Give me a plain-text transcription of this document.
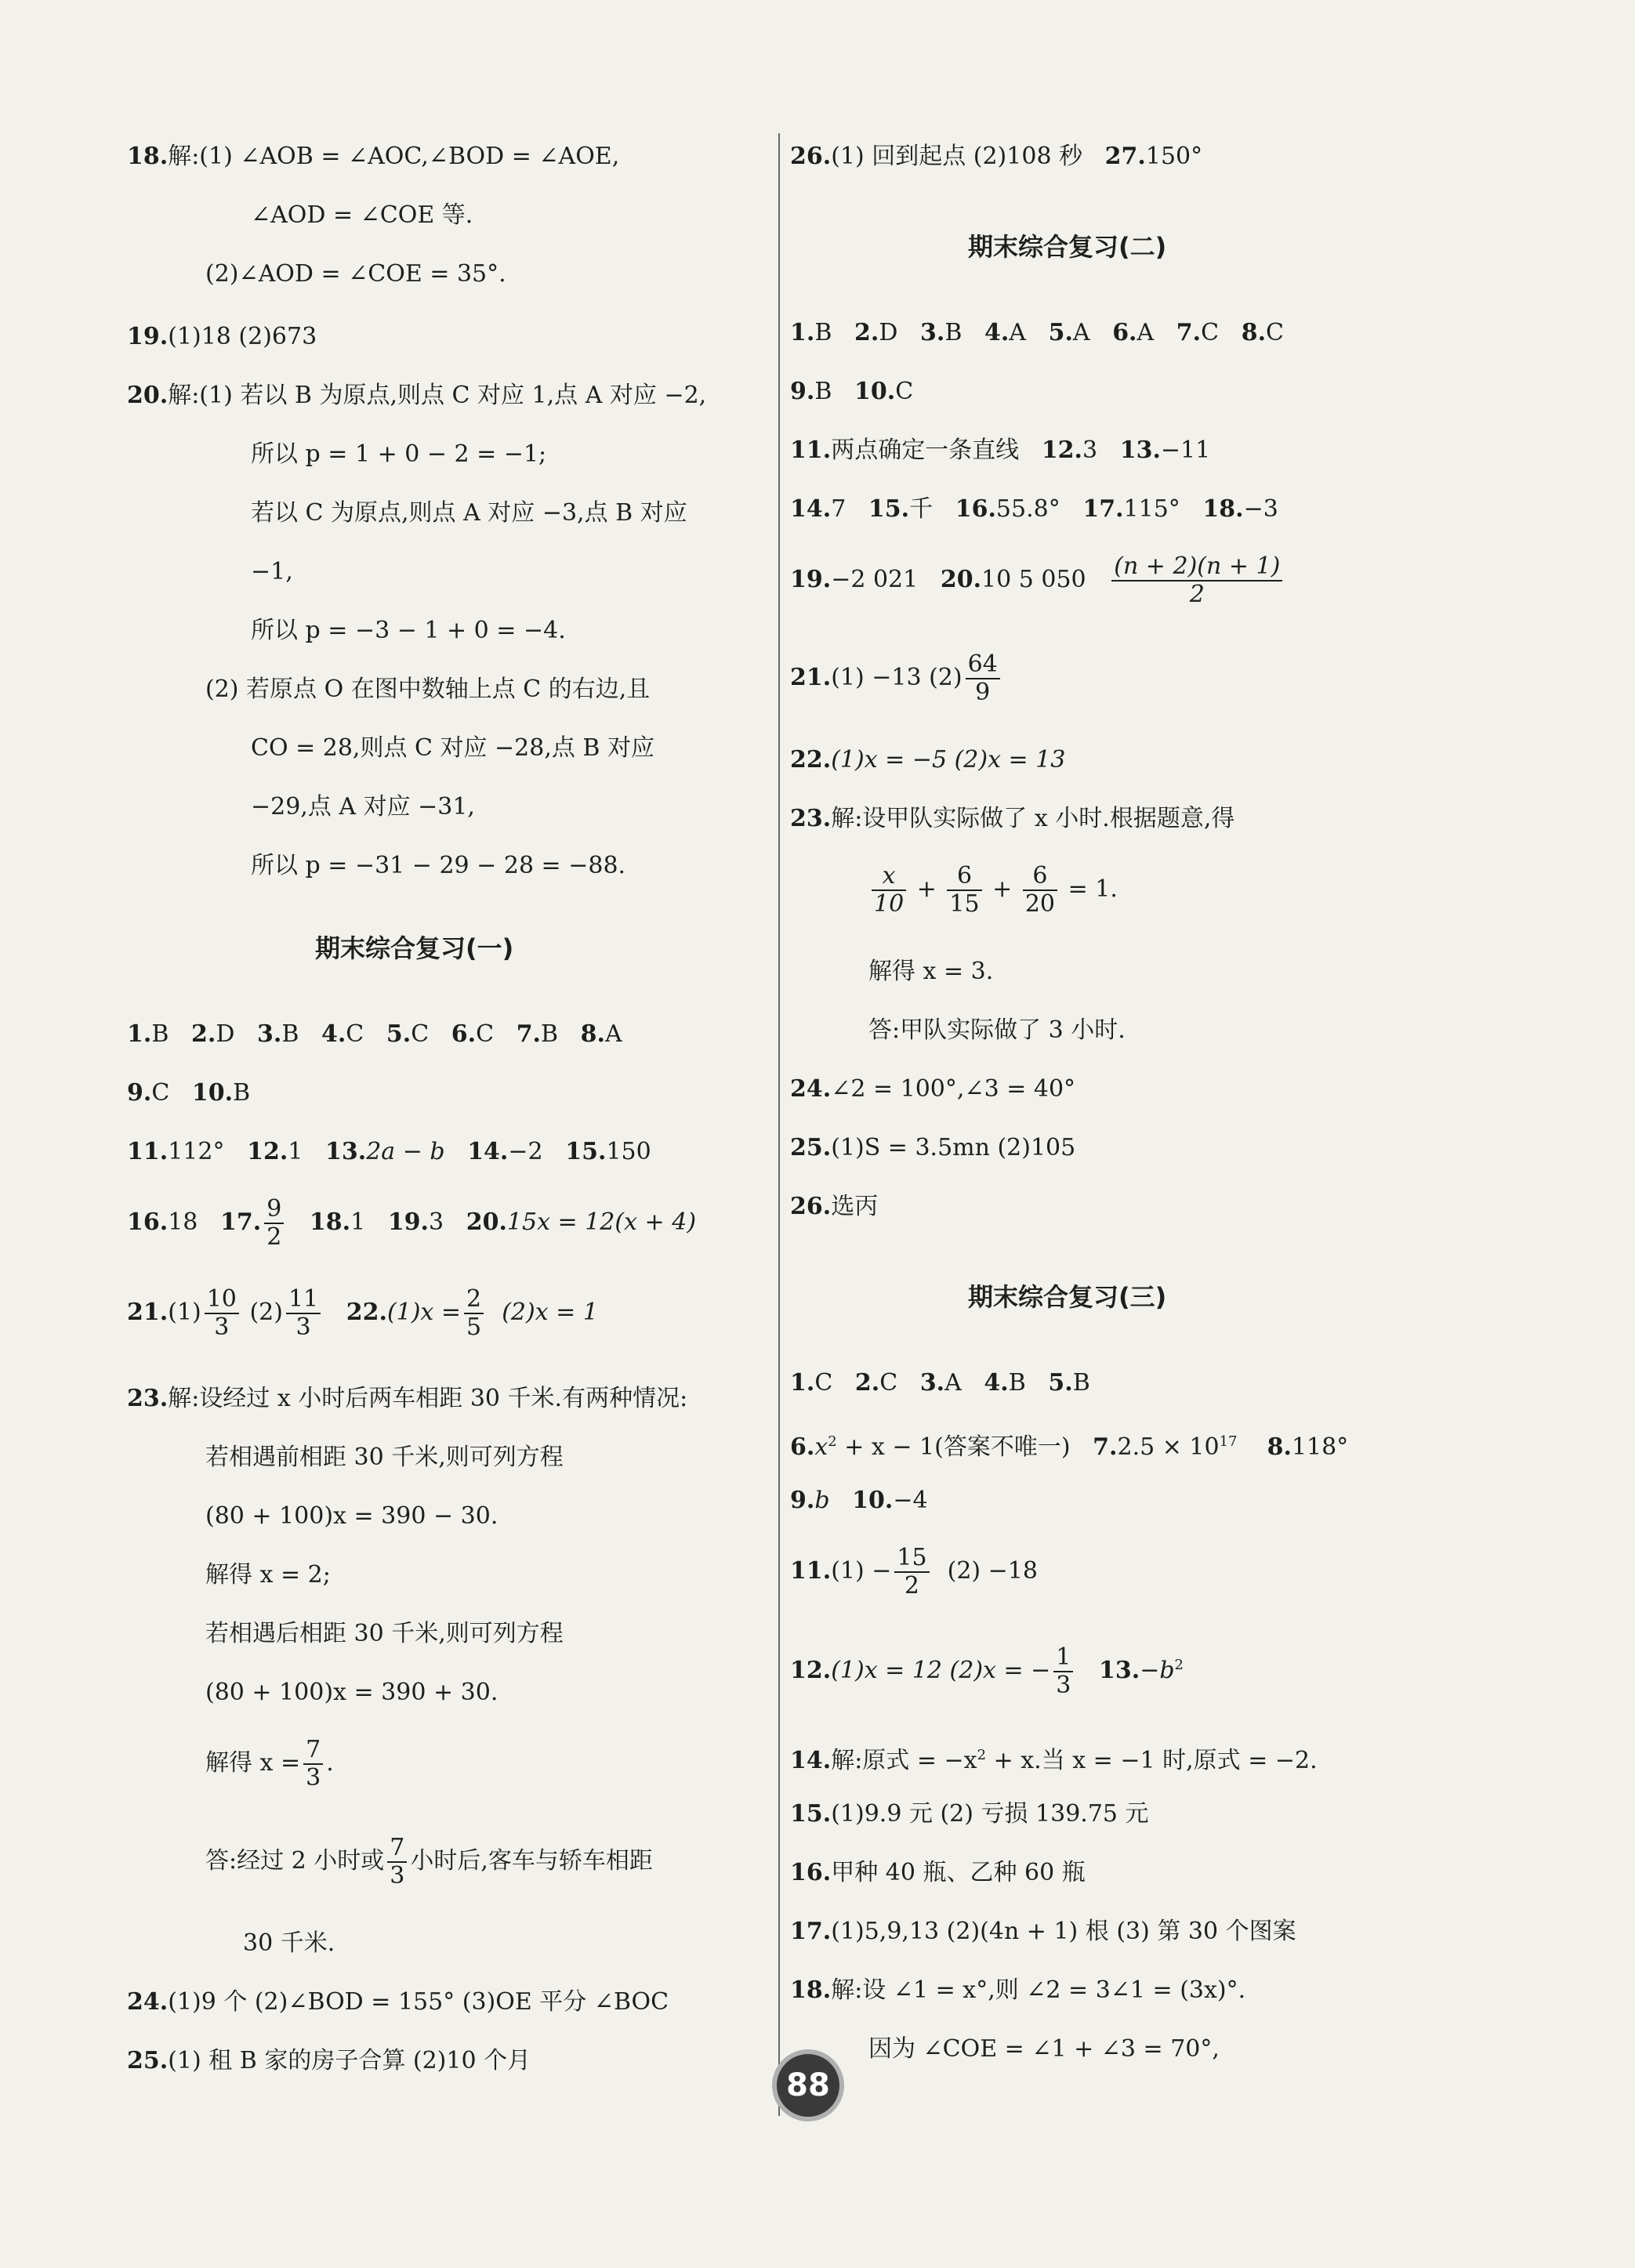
18.解:(1) ∠AOB = ∠AOC,∠BOD = ∠AOE,
∠AOD = ∠COE 等.
(2)∠AOD = ∠COE = 35°.
19.(1)18 (2)673
20.解:(1) 若以 B 为原点,则点 C 对应 1,点 A 对应 −2,
所以 p = 1 + 0 − 2 = −1;
若以 C 为原点,则点 A 对应 −3,点 B 对应
−1,
所以 p = −3 − 1 + 0 = −4.
(2) 若原点 O 在图中数轴上点 C 的右边,且
CO = 28,则点 C 对应 −28,点 B 对应
−29,点 A 对应 −31,
所以 p = −31 − 29 − 28 = −88.
期末综合复习(一)
1.B 2.D 3.B 4.C 5.C 6.C 7.B 8.A
9.C 10.B
11.112° 12.1 13.2a − b 14.−2 15.150
16.18 17. $\frac{9}{2} 18.1$ 19.3 20.15x = 12(x + 4)
$21.(1) \frac{10}{3} (2) \frac{11}{3} 22.(1)x = \frac{2}{5} (2)x = 1$
23.解:设经过 x 小时后两车相距 30 千米.有两种情况:
若相遇前相距 30 千米,则可列方程
(80 + 100)x = 390 − 30.
解得 x = 2;
若相遇后相距 30 千米,则可列方程
(80 + 100)x = 390 + 30.
解得 $x = \frac{7}{3}$ .
答:经过 2 小时或 $\frac{7}{3}$ 小时后,客车与轿车相距
30 千米.
24.(1)9 个 (2)∠BOD = 155° (3)OE 平分 ∠BOC
25.(1) 租 B 家的房子合算 (2)10 个月
26.(1) 回到起点 (2)108 秒 27.150°
期末综合复习(二)
1.B 2.D 3.B 4.A 5.A 6.A 7.C 8.C
9.B 10.C
11.两点确定一条直线 12.3 13.−11
14.7 15.千 16.55.8° 17.115° 18.−3
19.−2 021 20.10 5 $050 \frac{(n + 2)(n + 1)}{2}$
21.(1) −13 $(2) \frac{64}{9}$
22.(1)x = −5 (2)x = 13
23.解:设甲队实际做了 x 小时.根据题意,得
$\frac{x}{10} + \frac{6}{15} + \frac{6}{20} = 1$.
解得 x = 3.
答:甲队实际做了 3 小时.
24.∠2 = 100°,∠3 = 40°
25.(1)S = 3.5mn (2)105
26.选丙
期末综合复习(三)
1.C 2.C 3.A 4.B 5.B
$6.x^2 + x - 1$(答案不唯一) $7.2.5 \times 10^{17}$ 8.118°
9.b 10.−4
$11.(1) - \frac{15}{2} (2) -18$
12.(1)x = 12 (2)x = − $\frac{1}{3} 13.-b^2$
14.解:原式 = $-x^2 + x$.当 x = −1 时,原式 = −2.
15.(1)9.9 元 (2) 亏损 139.75 元
16.甲种 40 瓶、乙种 60 瓶
17.(1)5,9,13 (2)(4n + 1) 根 (3) 第 30 个图案
18.解:设 ∠1 = x°,则 ∠2 = 3∠1 = (3x)°.
因为 ∠COE = ∠1 + ∠3 = 70°,
88
